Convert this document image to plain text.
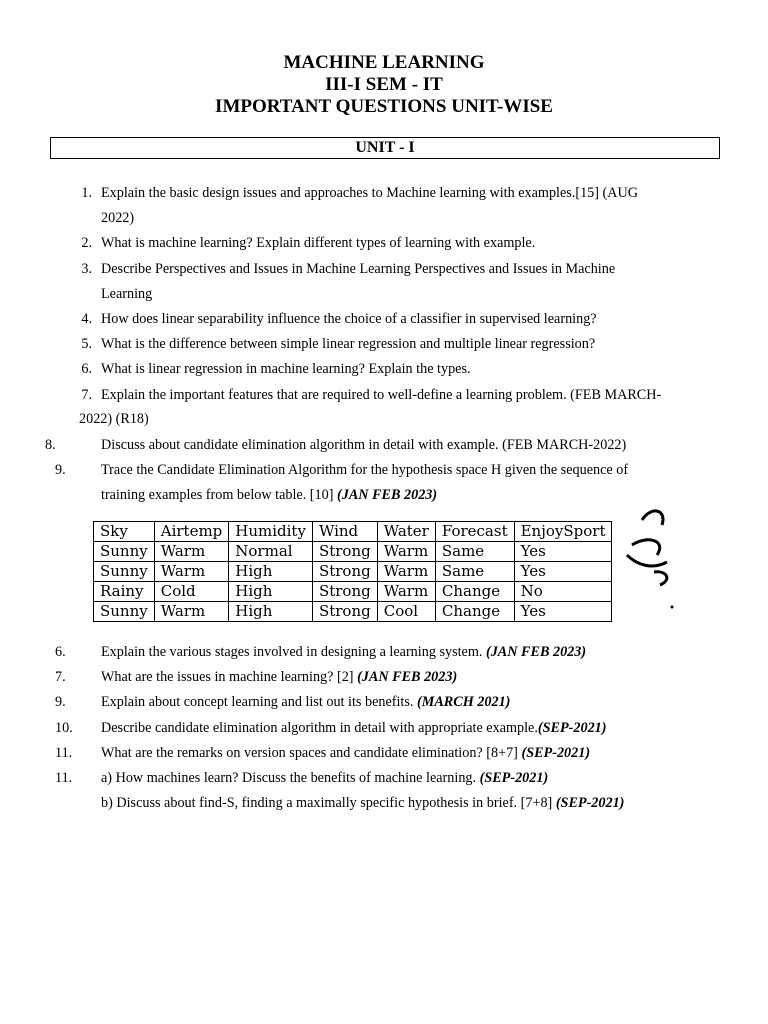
MACHINE LEARNING
III-I SEM - IT
IMPORTANT QUESTIONS UNIT-WISE
UNIT - I
1. Explain the basic design issues and approaches to Machine learning with examples.[15] (AUG
2022)
2. What is machine learning? Explain different types of learning with example.
3. Describe Perspectives and Issues in Machine Learning Perspectives and Issues in Machine
Learning
4. How does linear separability influence the choice of a classifier in supervised learning?
5. What is the difference between simple linear regression and multiple linear regression?
6. What is linear regression in machine learning? Explain the types.
7. Explain the important features that are required to well-define a learning problem. (FEB MARCH-
2022) (R18)
8.	Discuss about candidate elimination algorithm in detail with example. (FEB MARCH-2022)
9.	Trace the Candidate Elimination Algorithm for the hypothesis space H given the sequence of
training examples from below table. [10] (JAN FEB 2023)
Sky	Airtemp	Humidity	Wind	Water	Forecast	EnjoySport
Sunny	Warm	Normal	Strong	Warm	Same	Yes
Sunny	Warm	High	Strong	Warm	Same	Yes
Rainy	Cold	High	Strong	Warm	Change	No
Sunny	Warm	High	Strong	Cool	Change	Yes
6.	Explain the various stages involved in designing a learning system. (JAN FEB 2023)
7.	What are the issues in machine learning? [2] (JAN FEB 2023)
9.	Explain about concept learning and list out its benefits. (MARCH 2021)
10.	Describe candidate elimination algorithm in detail with appropriate example.(SEP-2021)
11.	What are the remarks on version spaces and candidate elimination? [8+7] (SEP-2021)
11.	a) How machines learn? Discuss the benefits of machine learning. (SEP-2021)
b) Discuss about find-S, finding a maximally specific hypothesis in brief. [7+8] (SEP-2021)
